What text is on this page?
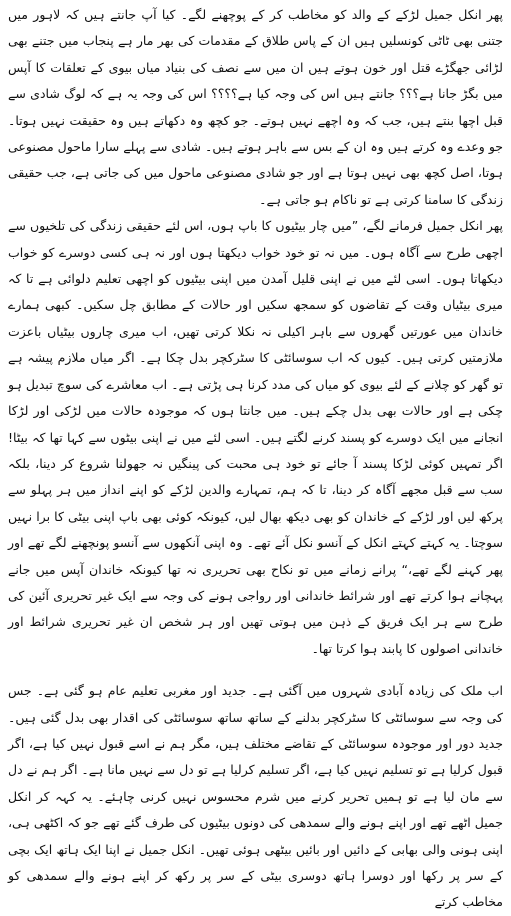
پھر انکل جمیل لڑکے کے والد کو مخاطب کر کے پوچھنے لگے۔ کیا آپ جانتے ہیں کہ لاہور میں جتنی بھی ٹاٹی کونسلیں ہیں ان کے پاس طلاق کے مقدمات کی بھر مار ہے پنجاب میں جتنے بھی لڑائی جھگڑے قتل اور خون ہوتے ہیں ان میں سے نصف کی بنیاد میاں بیوی کے تعلقات کا آپس میں بگڑ جانا ہے؟؟؟ جانتے ہیں اس کی وجہ کیا ہے؟؟؟؟ اس کی وجہ یہ ہے کہ لوگ شادی سے قبل اچھا بنتے ہیں، جب کہ وہ اچھے نہیں ہوتے۔ جو کچھ وہ دکھاتے ہیں وہ حقیقت نہیں ہوتا۔ جو وعدے وہ کرتے ہیں وہ ان کے بس سے باہر ہوتے ہیں۔ شادی سے پہلے سارا ماحول مصنوعی ہوتا، اصل کچھ بھی نہیں ہوتا ہے اور جو شادی مصنوعی ماحول میں کی جاتی ہے، جب حقیقی زندگی کا سامنا کرتی ہے تو ناکام ہو جاتی ہے۔

پھر انکل جمیل فرمانے لگے، ”میں چار بیٹیوں کا باپ ہوں، اس لئے حقیقی زندگی کی تلخیوں سے اچھی طرح سے آگاہ ہوں۔ میں نہ تو خود خواب دیکھتا ہوں اور نہ ہی کسی دوسرے کو خواب دیکھاتا ہوں۔ اسی لئے میں نے اپنی قلیل آمدن میں اپنی بیٹیوں کو اچھی تعلیم دلوائی ہے تا کہ میری بیٹیاں وقت کے تقاضوں کو سمجھ سکیں اور حالات کے مطابق چل سکیں۔ کبھی ہمارے خاندان میں عورتیں گھروں سے باہر اکیلی نہ نکلا کرتی تھیں، اب میری چاروں بیٹیاں باعزت ملازمتیں کرتی ہیں۔ کیوں کہ اب سوسائٹی کا سٹرکچر بدل چکا ہے۔ اگر میاں ملازم پیشہ ہے تو گھر کو چلانے کے لئے بیوی کو میاں کی مدد کرنا ہی پڑتی ہے۔ اب معاشرے کی سوچ تبدیل ہو چکی ہے اور حالات بھی بدل چکے ہیں۔ میں جانتا ہوں کہ موجودہ حالات میں لڑکی اور لڑکا انجانے میں ایک دوسرے کو پسند کرنے لگتے ہیں۔ اسی لئے میں نے اپنی بیٹوں سے کہا تھا کہ بیٹا! اگر تمہیں کوئی لڑکا پسند آ جائے تو خود ہی محبت کی پینگیں نہ جھولنا شروع کر دینا، بلکہ سب سے قبل مجھے آگاہ کر دینا، تا کہ ہم، تمہارے والدین لڑکے کو اپنے انداز میں ہر پہلو سے پرکھ لیں اور لڑکے کے خاندان کو بھی دیکھ بھال لیں، کیونکہ کوئی بھی باپ اپنی بیٹی کا برا نہیں سوچتا۔ یہ کہتے کہتے انکل کے آنسو نکل آئے تھے۔ وہ اپنی آنکھوں سے آنسو پونچھنے لگے تھے اور پھر کہنے لگے تھے،“ پرانے زمانے میں تو نکاح بھی تحریری نہ تھا کیونکہ خاندان آپس میں جانے پہچانے ہوا کرتے تھے اور شرائط خاندانی اور رواجی ہونے کی وجہ سے ایک غیر تحریری آئین کی طرح سے ہر ایک فریق کے ذہن میں ہوتی تھیں اور ہر شخص ان غیر تحریری شرائط اور خاندانی اصولوں کا پابند ہوا کرتا تھا۔

اب ملک کی زیادہ آبادی شہروں میں آگئی ہے۔ جدید اور مغربی تعلیم عام ہو گئی ہے۔ جس کی وجہ سے سوسائٹی کا سٹرکچر بدلنے کے ساتھ ساتھ سوسائٹی کی اقدار بھی بدل گئی ہیں۔ جدید دور اور موجودہ سوسائٹی کے تقاضے مختلف ہیں، مگر ہم نے اسے قبول نہیں کیا ہے، اگر قبول کرلیا ہے تو تسلیم نہیں کیا ہے، اگر تسلیم کرلیا ہے تو دل سے نہیں مانا ہے۔ اگر ہم نے دل سے مان لیا ہے تو ہمیں تحریر کرنے میں شرم محسوس نہیں کرنی چاہئے۔ یہ کہہ کر انکل جمیل اٹھے تھے اور اپنے ہونے والے سمدھی کی دونوں بیٹیوں کی طرف گئے تھے جو کہ اکٹھی ہی، اپنی ہونی والی بھابی کے دائیں اور بائیں بیٹھی ہوئی تھیں۔ انکل جمیل نے اپنا ایک ہاتھ ایک بچی کے سر پر رکھا اور دوسرا ہاتھ دوسری بیٹی کے سر پر رکھ کر اپنے ہونے والے سمدھی کو مخاطب کرتے
